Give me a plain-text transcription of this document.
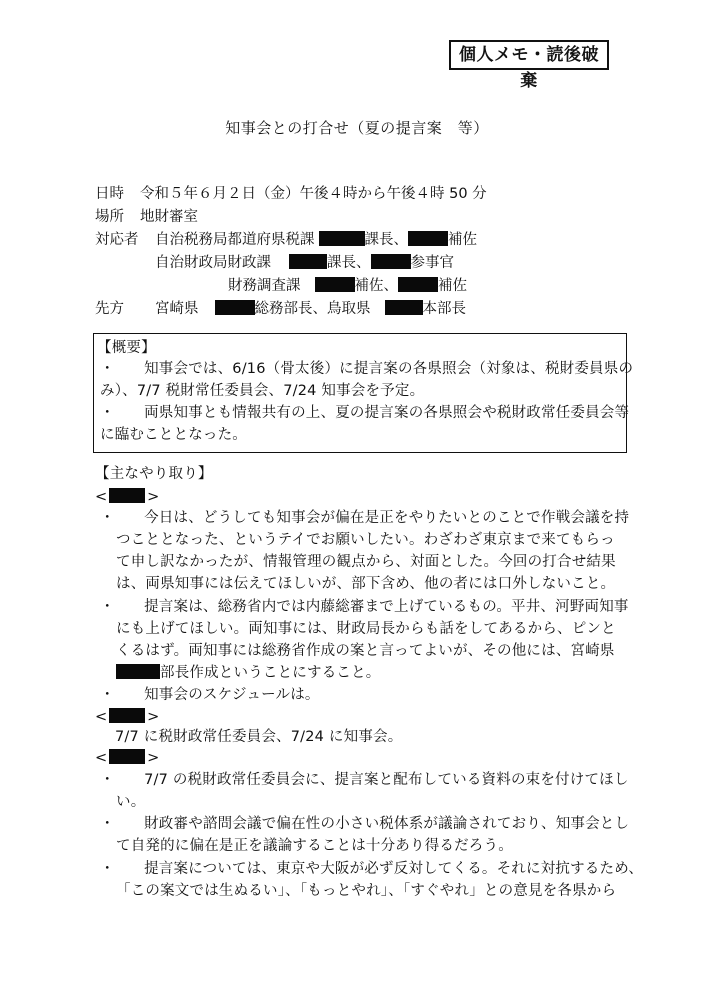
個人メモ・読後破棄
知事会との打合せ（夏の提言案　等）
日時 令和５年６月２日（金）午後４時から午後４時 50 分
場所 地財審室
対応者 自治税務局都道府県税課	課長、	補佐
自治財政局財政課	課長、	参事官
財務調査課	補佐、	補佐
先方 宮崎県	総務部長、鳥取県	本部長
【概要】
・　　知事会では、6/16（骨太後）に提言案の各県照会（対象は、税財委員県の
み）、7/7 税財常任委員会、7/24 知事会を予定。
・　　両県知事とも情報共有の上、夏の提言案の各県照会や税財政常任委員会等
に臨むこととなった。
【主なやり取り】
<	>
・　　今日は、どうしても知事会が偏在是正をやりたいとのことで作戦会議を持
つこととなった、というテイでお願いしたい。わざわざ東京まで来てもらっ
て申し訳なかったが、情報管理の観点から、対面とした。今回の打合せ結果
は、両県知事には伝えてほしいが、部下含め、他の者には口外しないこと。
・　　提言案は、総務省内では内藤総審まで上げているもの。平井、河野両知事
にも上げてほしい。両知事には、財政局長からも話をしてあるから、ピンと
くるはず。両知事には総務省作成の案と言ってよいが、その他には、宮崎県
部長作成ということにすること。
・　　知事会のスケジュールは。
<	>
7/7 に税財政常任委員会、7/24 に知事会。
<	>
・　　7/7 の税財政常任委員会に、提言案と配布している資料の束を付けてほし
い。
・　　財政審や諮問会議で偏在性の小さい税体系が議論されており、知事会とし
て自発的に偏在是正を議論することは十分あり得るだろう。
・　　提言案については、東京や大阪が必ず反対してくる。それに対抗するため、
「この案文では生ぬるい」、「もっとやれ」、「すぐやれ」との意見を各県から
